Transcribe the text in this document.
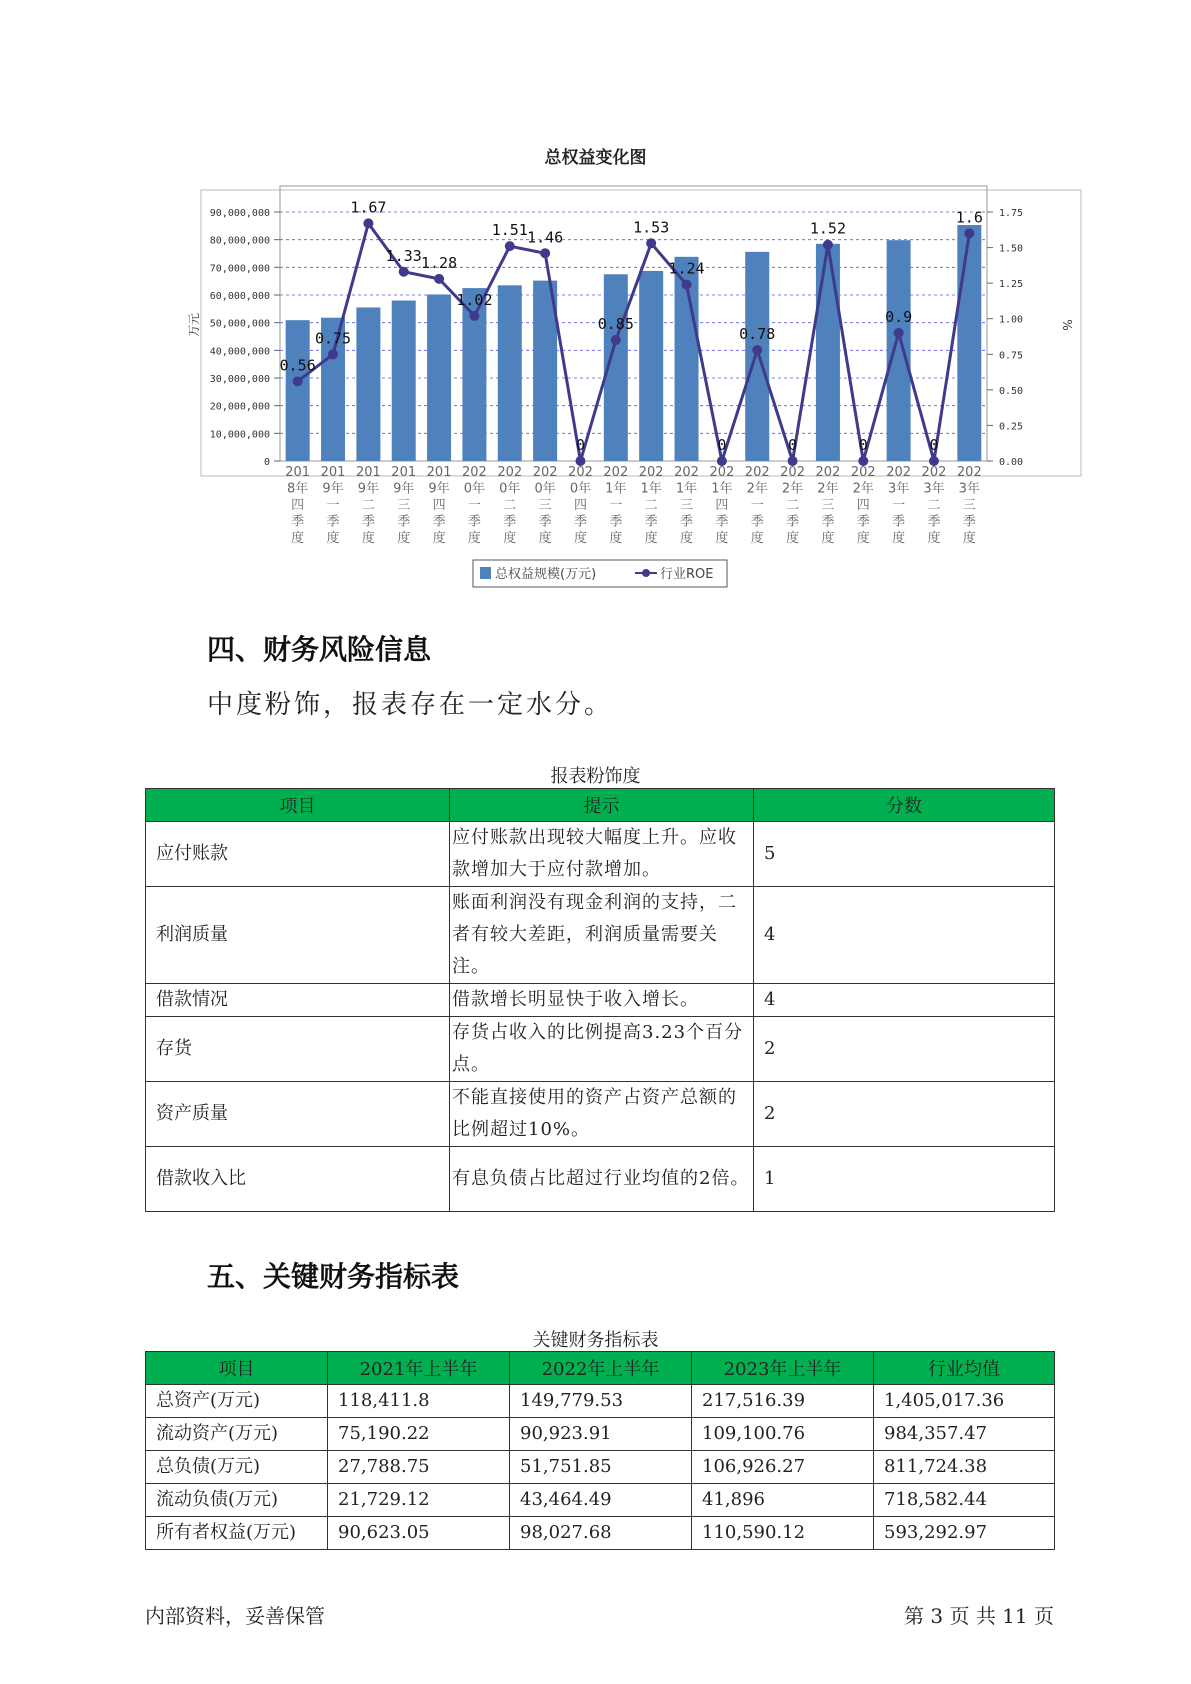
总权益变化图
0
10,000,000
20,000,000
30,000,000
40,000,000
50,000,000
60,000,000
70,000,000
80,000,000
90,000,000
0.00
0.25
0.50
0.75
1.00
1.25
1.50
1.75
万元	%
0.56
0.75
1.67
1.33 1.28
1.02
1.51 1.46
0
0.85
1.53
1.24
0
0.78
0
1.52
0
0.9
0
1.6
201 8年四季度
201 9年一季度
201 9年二季度
201 9年三季度
201 9年四季度
202 0年一季度
202 0年二季度
202 0年三季度
202 0年四季度
202 1年一季度
202 1年二季度
202 1年三季度
202 1年四季度
202 2年一季度
202 2年二季度
202 2年三季度
202 2年四季度
202 3年一季度
202 3年二季度
202 3年三季度
总权益规模(万元)	行业ROE
四、财务风险信息
中度粉饰，报表存在一定水分。
报表粉饰度
项目	提示	分数
应付账款	应付账款出现较大幅度上升。应收款增加大于应付款增加。	5
利润质量	账面利润没有现金利润的支持，二者有较大差距，利润质量需要关注。	4
借款情况	借款增长明显快于收入增长。	4
存货	存货占收入的比例提高3.23个百分点。	2
资产质量	不能直接使用的资产占资产总额的比例超过10%。	2
借款收入比	有息负债占比超过行业均值的2倍。	1
五、关键财务指标表
关键财务指标表
项目	2021年上半年	2022年上半年	2023年上半年	行业均值
总资产(万元)	118,411.8	149,779.53	217,516.39	1,405,017.36
流动资产(万元)	75,190.22	90,923.91	109,100.76	984,357.47
总负债(万元)	27,788.75	51,751.85	106,926.27	811,724.38
流动负债(万元)	21,729.12	43,464.49	41,896	718,582.44
所有者权益(万元)	90,623.05	98,027.68	110,590.12	593,292.97
内部资料，妥善保管	第 3 页 共 11 页
